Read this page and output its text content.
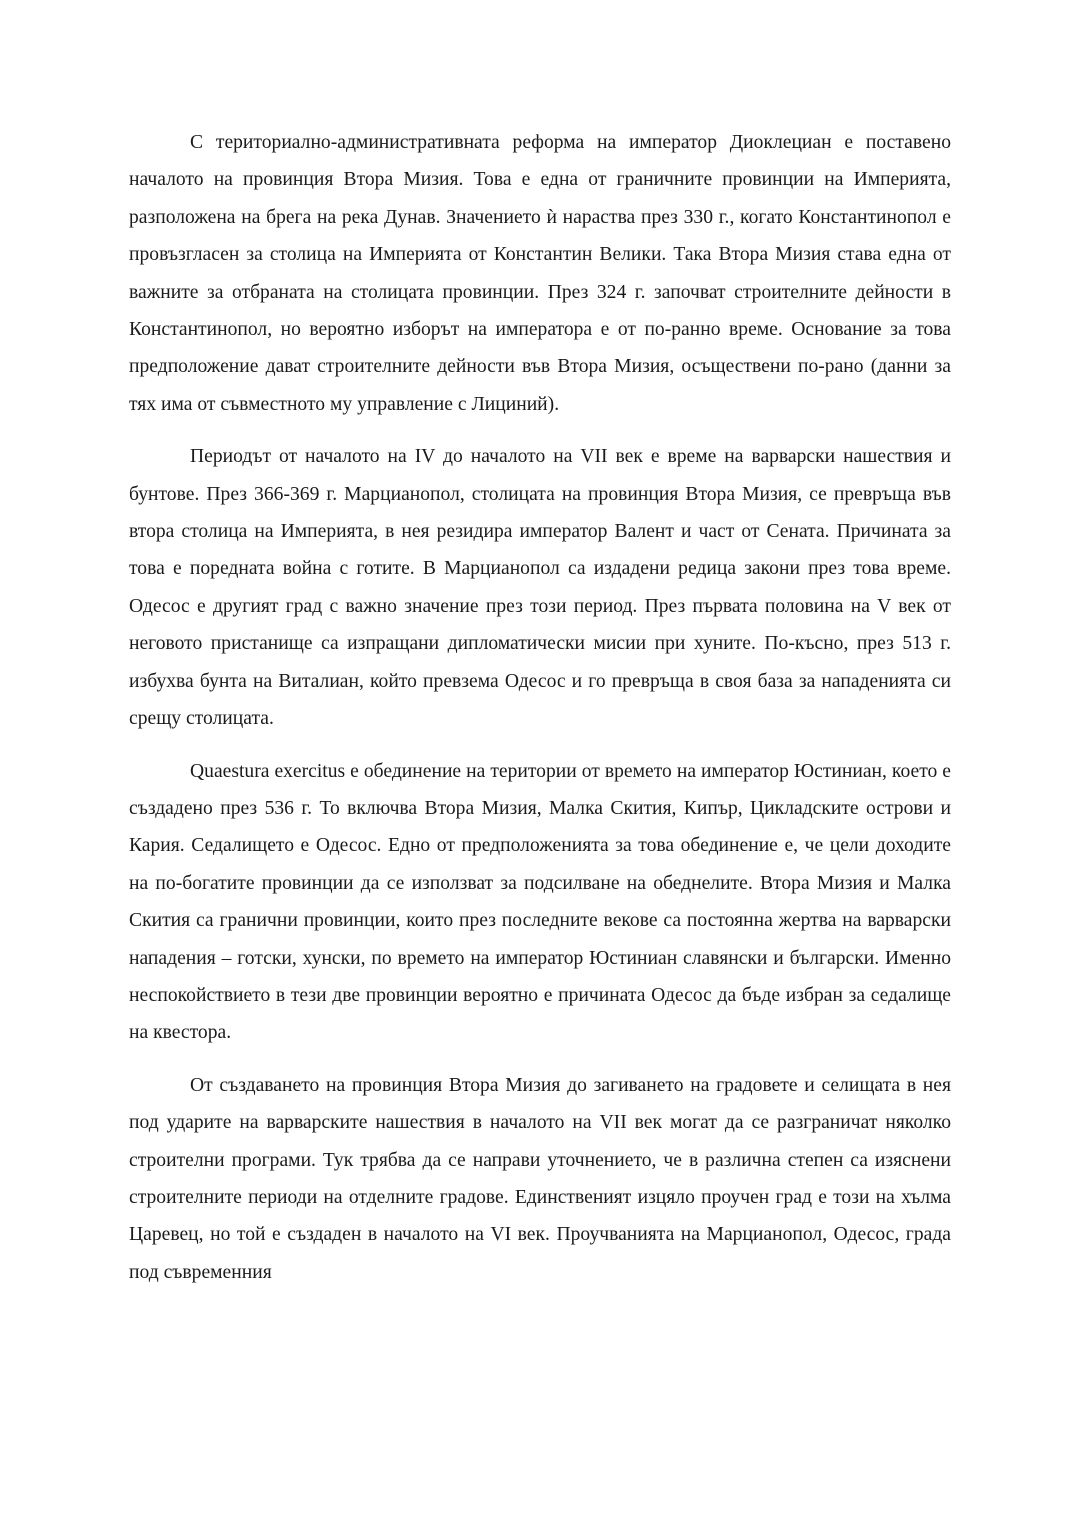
С териториално-административната реформа на император Диоклециан е поставено началото на провинция Втора Мизия. Това е една от граничните провинции на Империята, разположена на брега на река Дунав. Значението ѝ нараства през 330 г., когато Константинопол е провъзгласен за столица на Империята от Константин Велики. Така Втора Мизия става една от важните за отбраната на столицата провинции. През 324 г. започват строителните дейности в Константинопол, но вероятно изборът на императора е от по-ранно време. Основание за това предположение дават строителните дейности във Втора Мизия, осъществени по-рано (данни за тях има от съвместното му управление с Лициний).

Периодът от началото на IV до началото на VII век е време на варварски нашествия и бунтове. През 366-369 г. Марцианопол, столицата на провинция Втора Мизия, се превръща във втора столица на Империята, в нея резидира император Валент и част от Сената. Причината за това е поредната война с готите. В Марцианопол са издадени редица закони през това време. Одесос е другият град с важно значение през този период. През първата половина на V век от неговото пристанище са изпращани дипломатически мисии при хуните. По-късно, през 513 г. избухва бунта на Виталиан, който превзема Одесос и го превръща в своя база за нападенията си срещу столицата.

Quaestura exercitus е обединение на територии от времето на император Юстиниан, което е създадено през 536 г. То включва Втора Мизия, Малка Скития, Кипър, Цикладските острови и Кария. Седалището е Одесос. Едно от предположенията за това обединение е, че цели доходите на по-богатите провинции да се използват за подсилване на обеднелите. Втора Мизия и Малка Скития са гранични провинции, които през последните векове са постоянна жертва на варварски нападения – готски, хунски, по времето на император Юстиниан славянски и български. Именно неспокойствието в тези две провинции вероятно е причината Одесос да бъде избран за седалище на квестора.

От създаването на провинция Втора Мизия до загиването на градовете и селищата в нея под ударите на варварските нашествия в началото на VII век могат да се разграничат няколко строителни програми. Тук трябва да се направи уточнението, че в различна степен са изяснени строителните периоди на отделните градове. Единственият изцяло проучен град е този на хълма Царевец, но той е създаден в началото на VI век. Проучванията на Марцианопол, Одесос, града под съвременния
